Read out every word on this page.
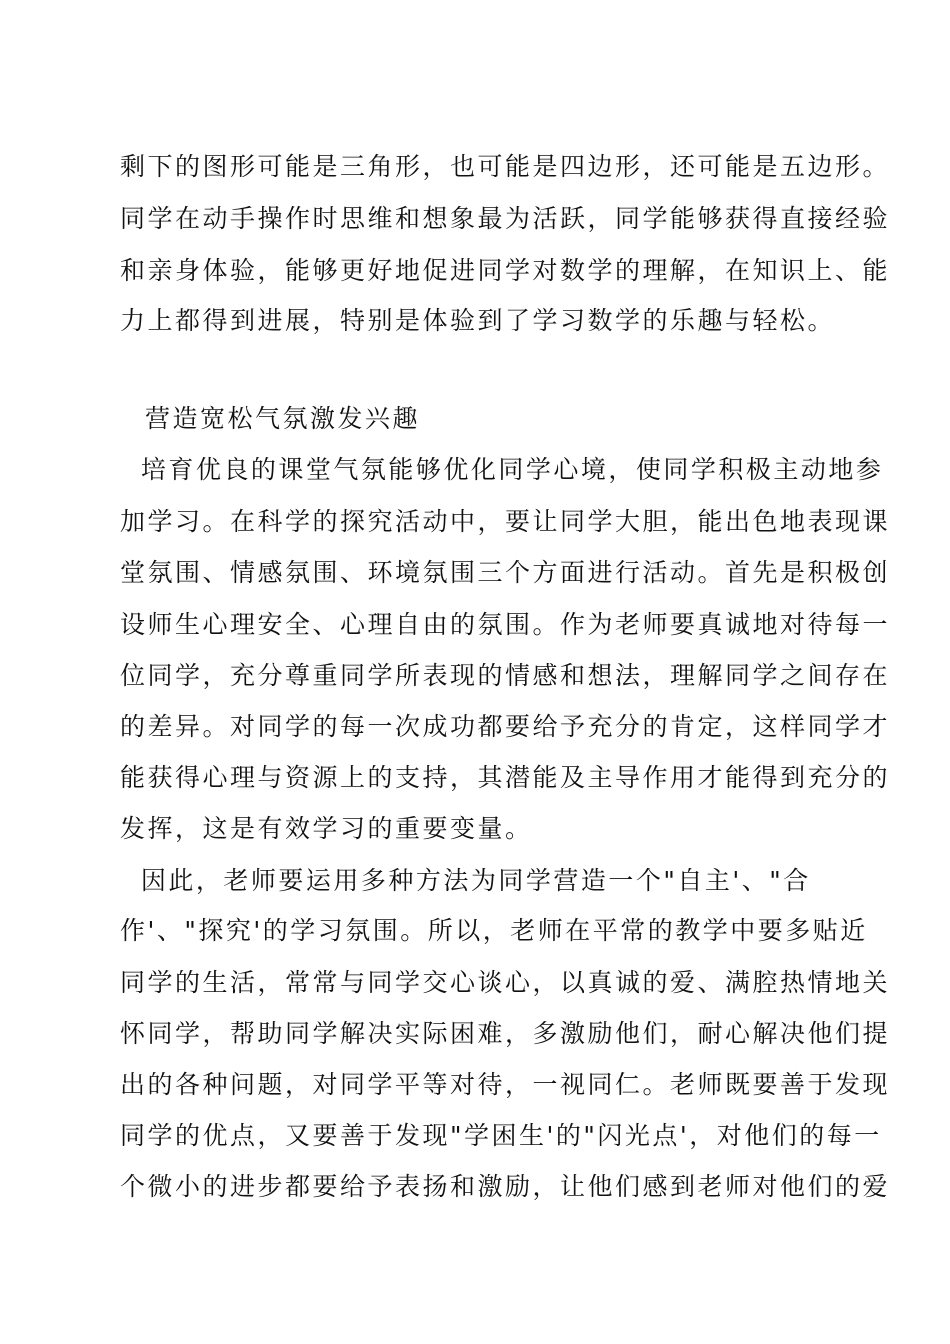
剩下的图形可能是三角形，也可能是四边形，还可能是五边形。
同学在动手操作时思维和想象最为活跃，同学能够获得直接经验
和亲身体验，能够更好地促进同学对数学的理解，在知识上、能
力上都得到进展，特别是体验到了学习数学的乐趣与轻松。
营造宽松气氛激发兴趣
培育优良的课堂气氛能够优化同学心境，使同学积极主动地参
加学习。在科学的探究活动中，要让同学大胆，能出色地表现课
堂氛围、情感氛围、环境氛围三个方面进行活动。首先是积极创
设师生心理安全、心理自由的氛围。作为老师要真诚地对待每一
位同学，充分尊重同学所表现的情感和想法，理解同学之间存在
的差异。对同学的每一次成功都要给予充分的肯定，这样同学才
能获得心理与资源上的支持，其潜能及主导作用才能得到充分的
发挥，这是有效学习的重要变量。
因此，老师要运用多种方法为同学营造一个"自主'、"合
作'、"探究'的学习氛围。所以，老师在平常的教学中要多贴近
同学的生活，常常与同学交心谈心，以真诚的爱、满腔热情地关
怀同学，帮助同学解决实际困难，多激励他们，耐心解决他们提
出的各种问题，对同学平等对待，一视同仁。老师既要善于发现
同学的优点，又要善于发现"学困生'的"闪光点'，对他们的每一
个微小的进步都要给予表扬和激励，让他们感到老师对他们的爱
